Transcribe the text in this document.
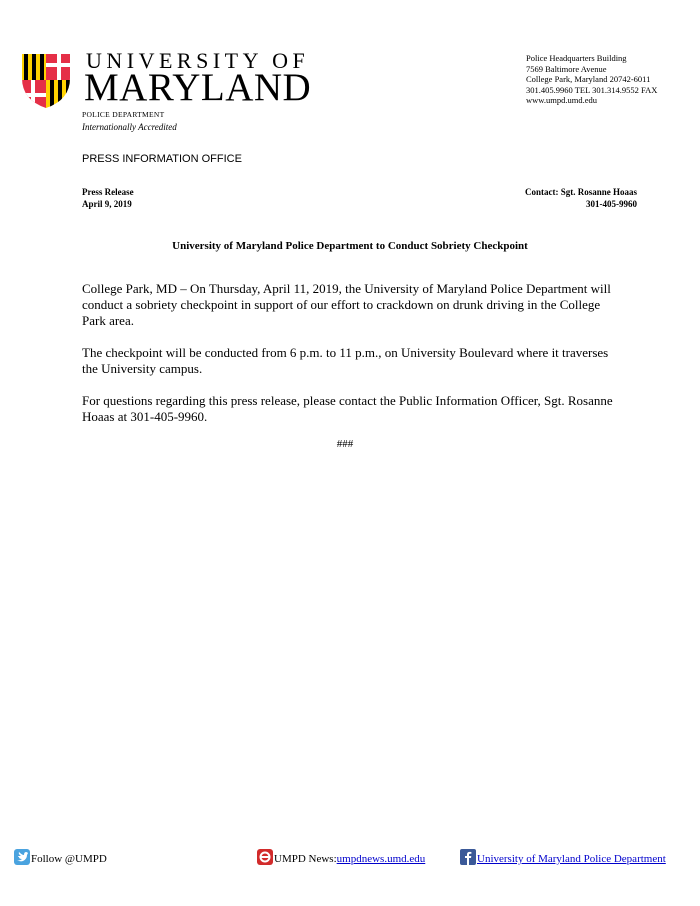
UNIVERSITY OF
MARYLAND
POLICE DEPARTMENT
Internationally Accredited
Police Headquarters Building
7569 Baltimore Avenue
College Park, Maryland 20742-6011
301.405.9960 TEL 301.314.9552 FAX
www.umpd.umd.edu
PRESS INFORMATION OFFICE
Press Release
April 9, 2019
Contact: Sgt. Rosanne Hoaas
301-405-9960
University of Maryland Police Department to Conduct Sobriety Checkpoint
College Park, MD – On Thursday, April 11, 2019, the University of Maryland Police Department will conduct a sobriety checkpoint in support of our effort to crackdown on drunk driving in the College Park area.
The checkpoint will be conducted from 6 p.m. to 11 p.m., on University Boulevard where it traverses the University campus.
For questions regarding this press release, please contact the Public Information Officer, Sgt. Rosanne Hoaas at 301-405-9960.
###
Follow @UMPD	UMPD News: umpdnews.umd.edu	University of Maryland Police Department
